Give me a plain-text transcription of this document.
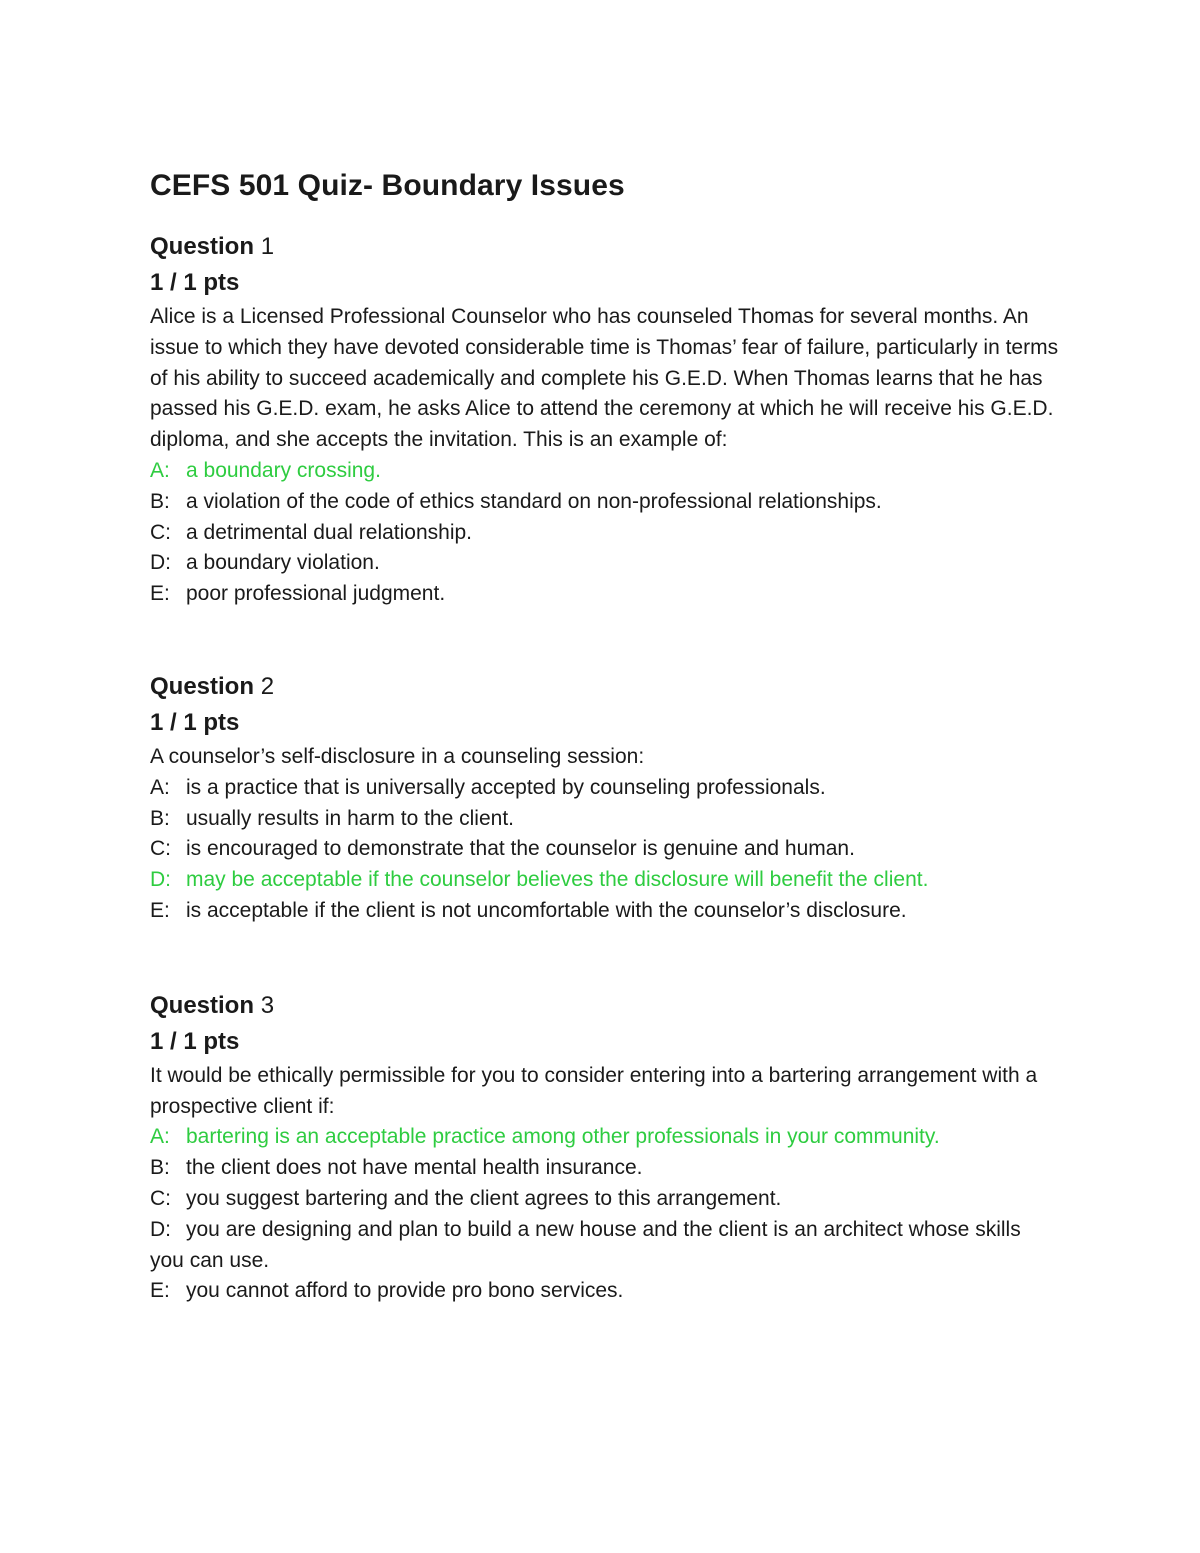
CEFS 501 Quiz- Boundary Issues
Question 1
1 / 1 pts

Alice is a Licensed Professional Counselor who has counseled Thomas for several months. An issue to which they have devoted considerable time is Thomas’ fear of failure, particularly in terms of his ability to succeed academically and complete his G.E.D. When Thomas learns that he has passed his G.E.D. exam, he asks Alice to attend the ceremony at which he will receive his G.E.D. diploma, and she accepts the invitation. This is an example of:

A: a boundary crossing.
B: a violation of the code of ethics standard on non-professional relationships.
C: a detrimental dual relationship.
D: a boundary violation.
E: poor professional judgment.
Question 2
1 / 1 pts

A counselor’s self-disclosure in a counseling session:

A: is a practice that is universally accepted by counseling professionals.
B: usually results in harm to the client.
C: is encouraged to demonstrate that the counselor is genuine and human.
D: may be acceptable if the counselor believes the disclosure will benefit the client.
E: is acceptable if the client is not uncomfortable with the counselor’s disclosure.
Question 3
1 / 1 pts

It would be ethically permissible for you to consider entering into a bartering arrangement with a prospective client if:

A: bartering is an acceptable practice among other professionals in your community.
B: the client does not have mental health insurance.
C: you suggest bartering and the client agrees to this arrangement.
D: you are designing and plan to build a new house and the client is an architect whose skills you can use.
E: you cannot afford to provide pro bono services.
